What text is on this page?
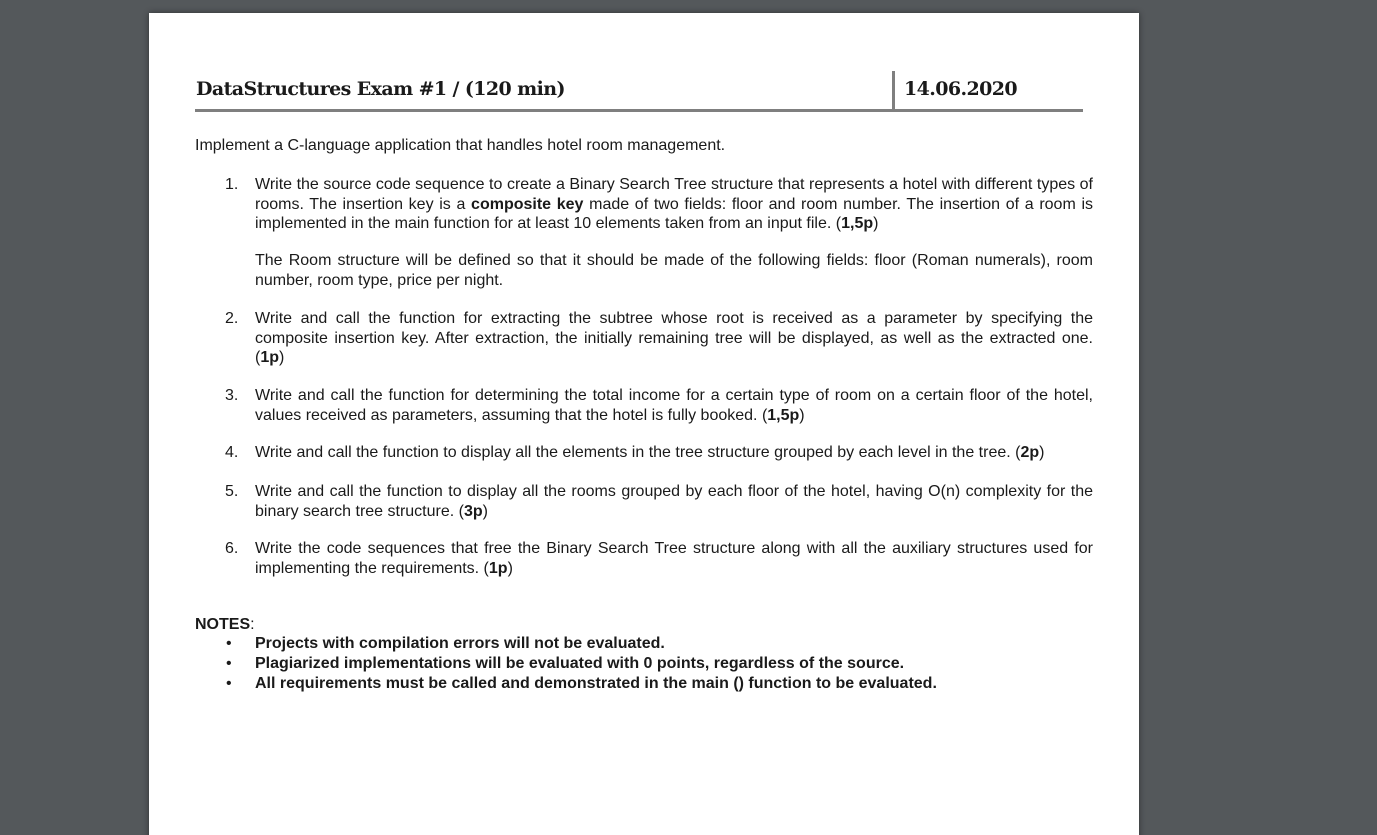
DataStructures Exam #1 / (120 min)	14.06.2020
Implement a C-language application that handles hotel room management.
1. Write the source code sequence to create a Binary Search Tree structure that represents a hotel with different types of rooms. The insertion key is a composite key made of two fields: floor and room number. The insertion of a room is implemented in the main function for at least 10 elements taken from an input file. (1,5p)
The Room structure will be defined so that it should be made of the following fields: floor (Roman numerals), room number, room type, price per night.
2. Write and call the function for extracting the subtree whose root is received as a parameter by specifying the composite insertion key. After extraction, the initially remaining tree will be displayed, as well as the extracted one. (1p)
3. Write and call the function for determining the total income for a certain type of room on a certain floor of the hotel, values received as parameters, assuming that the hotel is fully booked. (1,5p)
4. Write and call the function to display all the elements in the tree structure grouped by each level in the tree. (2p)
5. Write and call the function to display all the rooms grouped by each floor of the hotel, having O(n) complexity for the binary search tree structure. (3p)
6. Write the code sequences that free the Binary Search Tree structure along with all the auxiliary structures used for implementing the requirements. (1p)
NOTES:
• Projects with compilation errors will not be evaluated.
• Plagiarized implementations will be evaluated with 0 points, regardless of the source.
• All requirements must be called and demonstrated in the main () function to be evaluated.
